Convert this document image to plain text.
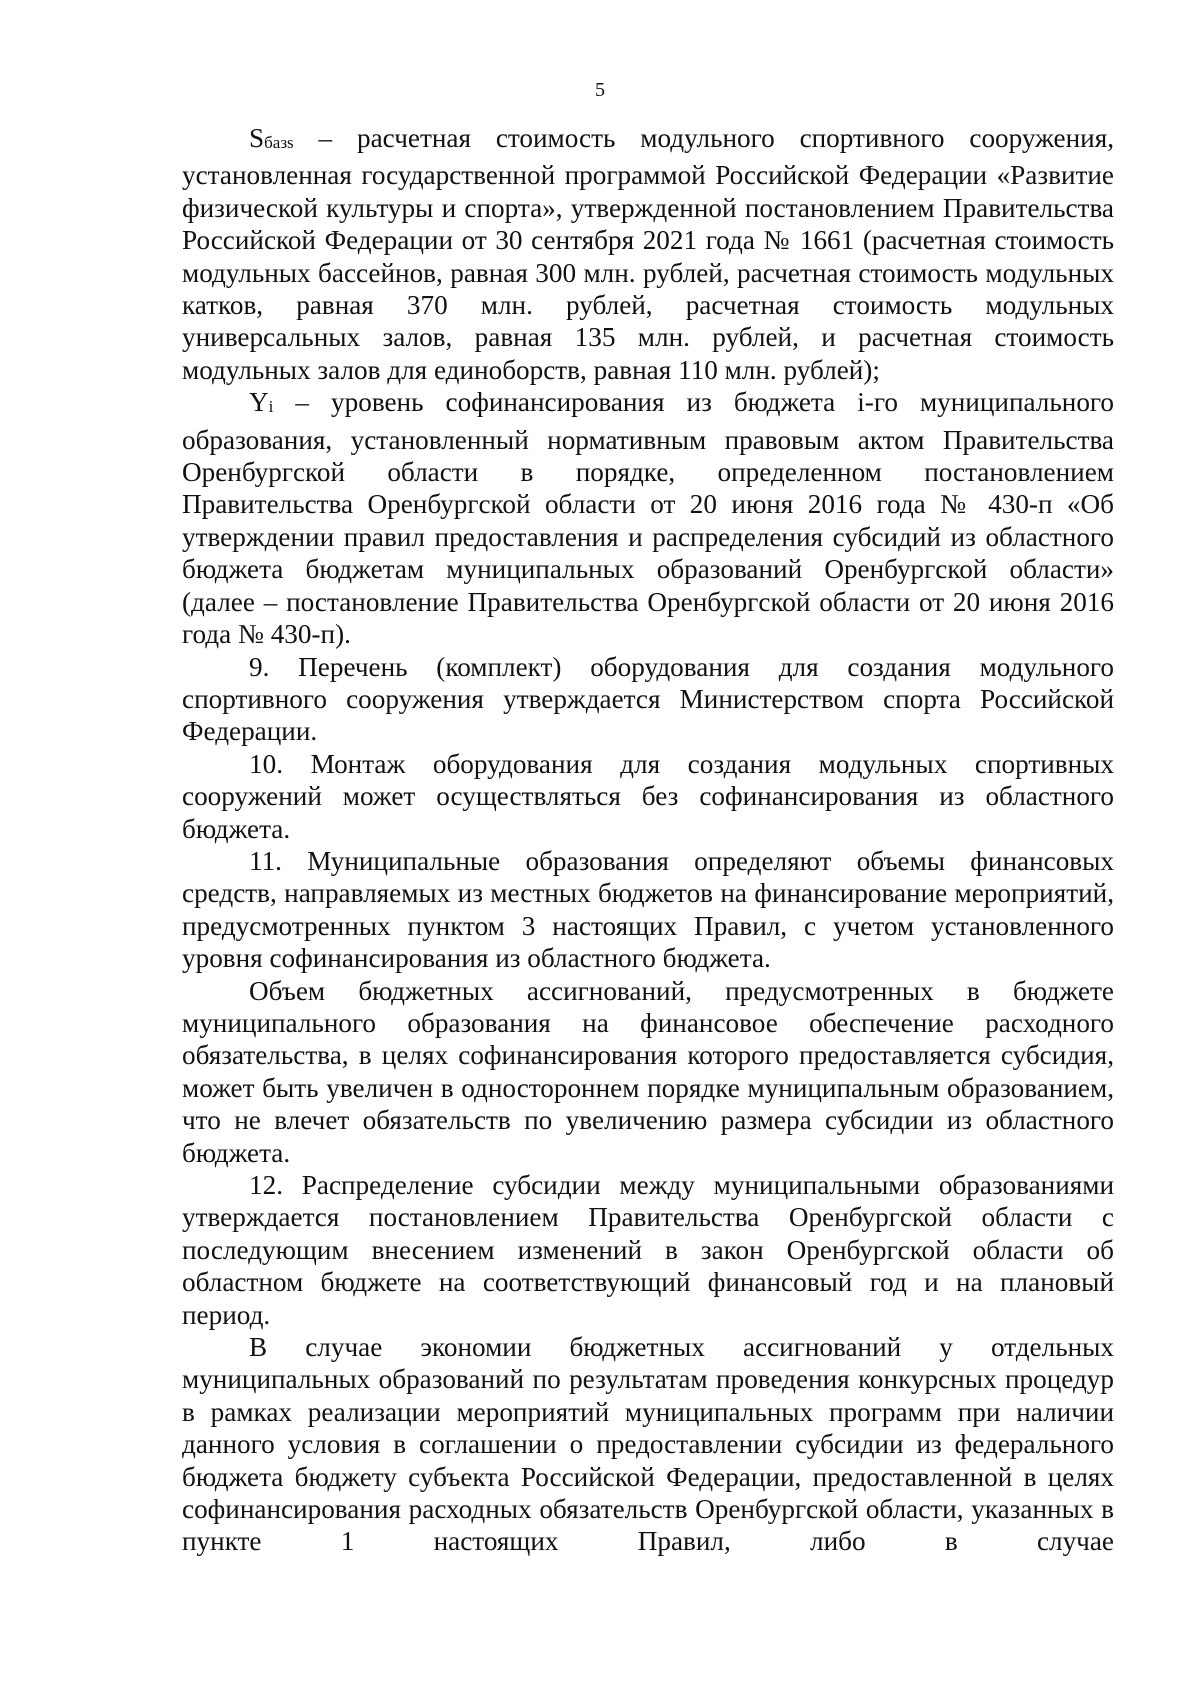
5

Sбазs – расчетная стоимость модульного спортивного сооружения, установленная государственной программой Российской Федерации «Развитие физической культуры и спорта», утвержденной постановлением Правительства Российской Федерации от 30 сентября 2021 года № 1661 (расчетная стоимость модульных бассейнов, равная 300 млн. рублей, расчетная стоимость модульных катков, равная 370 млн. рублей, расчетная стоимость модульных универсальных залов, равная 135 млн. рублей, и расчетная стоимость модульных залов для единоборств, равная 110 млн. рублей);

Yi – уровень софинансирования из бюджета i-го муниципального образования, установленный нормативным правовым актом Правительства Оренбургской области в порядке, определенном постановлением Правительства Оренбургской области от 20 июня 2016 года № 430-п «Об утверждении правил предоставления и распределения субсидий из областного бюджета бюджетам муниципальных образований Оренбургской области» (далее – постановление Правительства Оренбургской области от 20 июня 2016 года № 430-п).

9. Перечень (комплект) оборудования для создания модульного спортивного сооружения утверждается Министерством спорта Российской Федерации.

10. Монтаж оборудования для создания модульных спортивных сооружений может осуществляться без софинансирования из областного бюджета.

11. Муниципальные образования определяют объемы финансовых средств, направляемых из местных бюджетов на финансирование мероприятий, предусмотренных пунктом 3 настоящих Правил, с учетом установленного уровня софинансирования из областного бюджета.

Объем бюджетных ассигнований, предусмотренных в бюджете муниципального образования на финансовое обеспечение расходного обязательства, в целях софинансирования которого предоставляется субсидия, может быть увеличен в одностороннем порядке муниципальным образованием, что не влечет обязательств по увеличению размера субсидии из областного бюджета.

12. Распределение субсидии между муниципальными образованиями утверждается постановлением Правительства Оренбургской области с последующим внесением изменений в закон Оренбургской области об областном бюджете на соответствующий финансовый год и на плановый период.

В случае экономии бюджетных ассигнований у отдельных муниципальных образований по результатам проведения конкурсных процедур в рамках реализации мероприятий муниципальных программ при наличии данного условия в соглашении о предоставлении субсидии из федерального бюджета бюджету субъекта Российской Федерации, предоставленной в целях софинансирования расходных обязательств Оренбургской области, указанных в пункте 1 настоящих Правил, либо в случае
